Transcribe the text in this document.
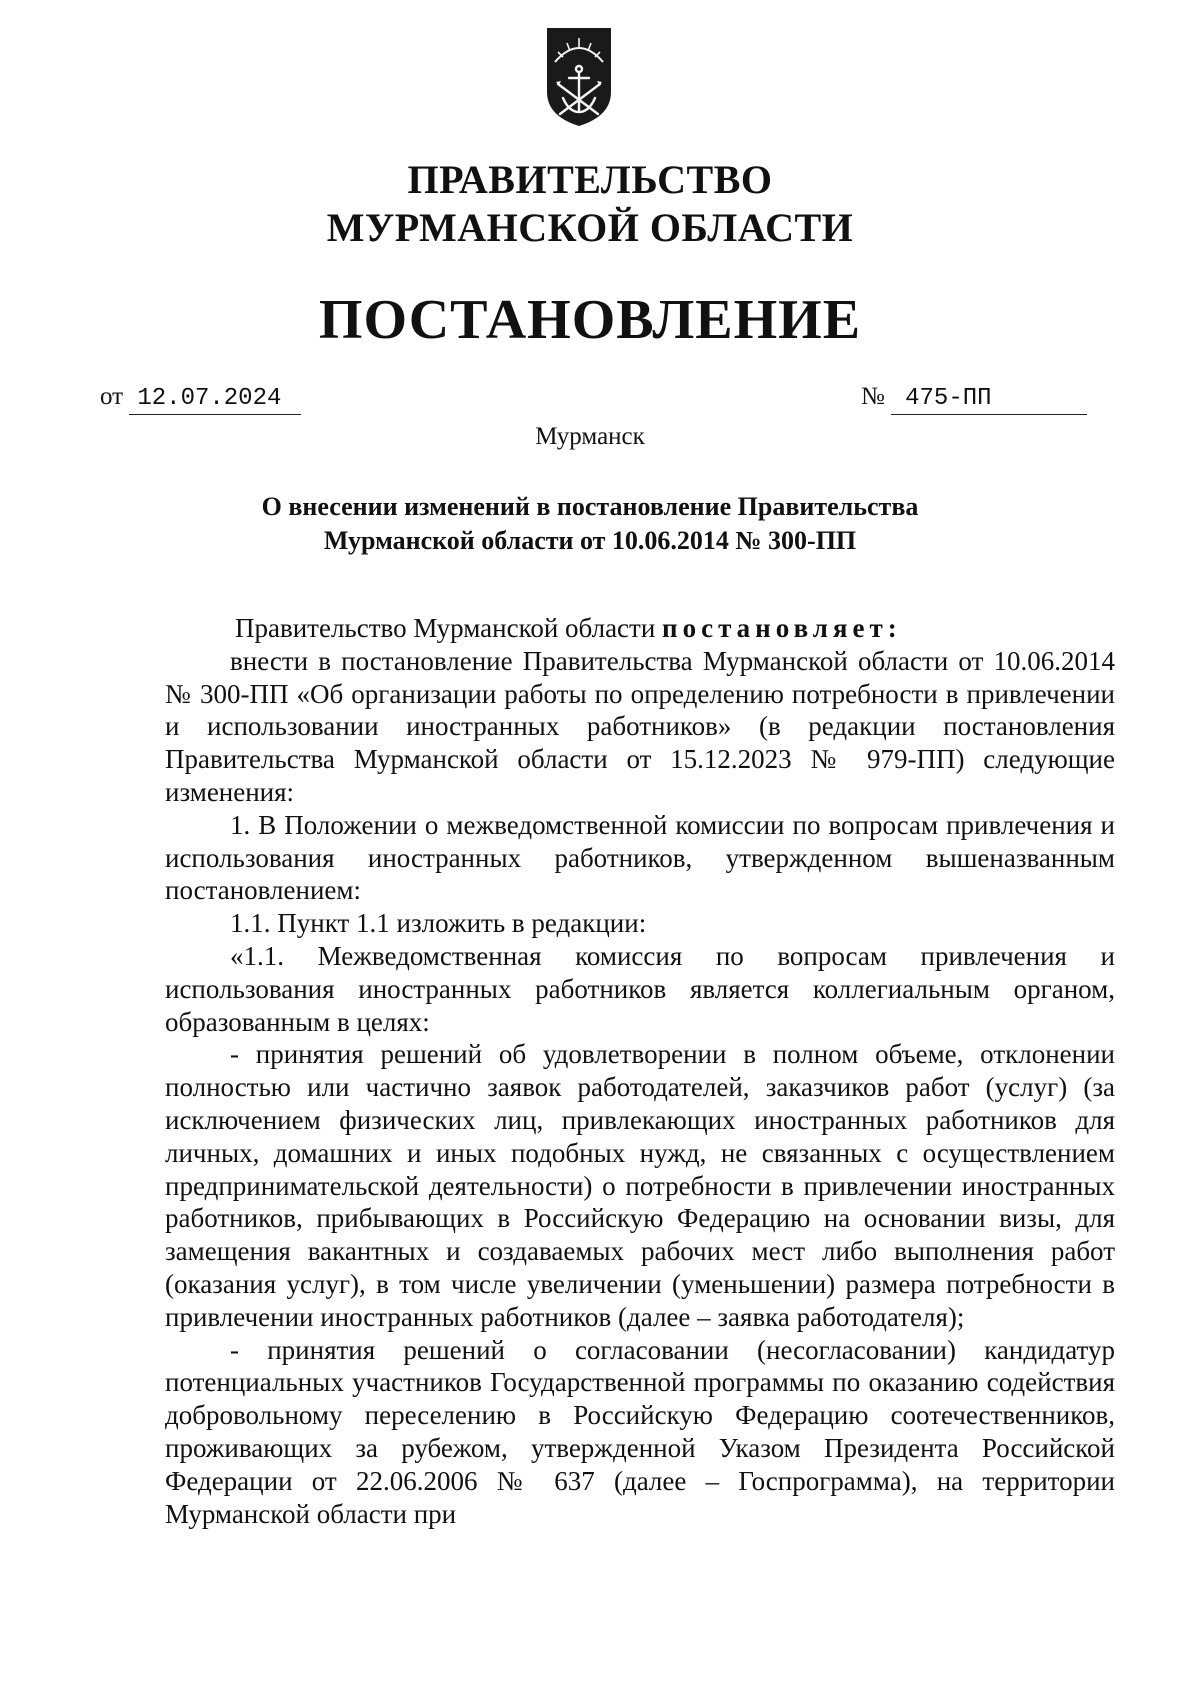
ПРАВИТЕЛЬСТВО
МУРМАНСКОЙ ОБЛАСТИ
ПОСТАНОВЛЕНИЕ
от 12.07.2024	№ 475-ПП
Мурманск
О внесении изменений в постановление Правительства
Мурманской области от 10.06.2014 № 300-ПП

Правительство Мурманской области постановляет:

внести в постановление Правительства Мурманской области от 10.06.2014 № 300-ПП «Об организации работы по определению потребности в привлечении и использовании иностранных работников» (в редакции постановления Правительства Мурманской области от 15.12.2023 № 979-ПП) следующие изменения:

1. В Положении о межведомственной комиссии по вопросам привлечения и использования иностранных работников, утвержденном вышеназванным постановлением:

1.1. Пункт 1.1 изложить в редакции:

«1.1. Межведомственная комиссия по вопросам привлечения и использования иностранных работников является коллегиальным органом, образованным в целях:

- принятия решений об удовлетворении в полном объеме, отклонении полностью или частично заявок работодателей, заказчиков работ (услуг) (за исключением физических лиц, привлекающих иностранных работников для личных, домашних и иных подобных нужд, не связанных с осуществлением предпринимательской деятельности) о потребности в привлечении иностранных работников, прибывающих в Российскую Федерацию на основании визы, для замещения вакантных и создаваемых рабочих мест либо выполнения работ (оказания услуг), в том числе увеличении (уменьшении) размера потребности в привлечении иностранных работников (далее – заявка работодателя);

- принятия решений о согласовании (несогласовании) кандидатур потенциальных участников Государственной программы по оказанию содействия добровольному переселению в Российскую Федерацию соотечественников, проживающих за рубежом, утвержденной Указом Президента Российской Федерации от 22.06.2006 № 637 (далее – Госпрограмма), на территории Мурманской области при
